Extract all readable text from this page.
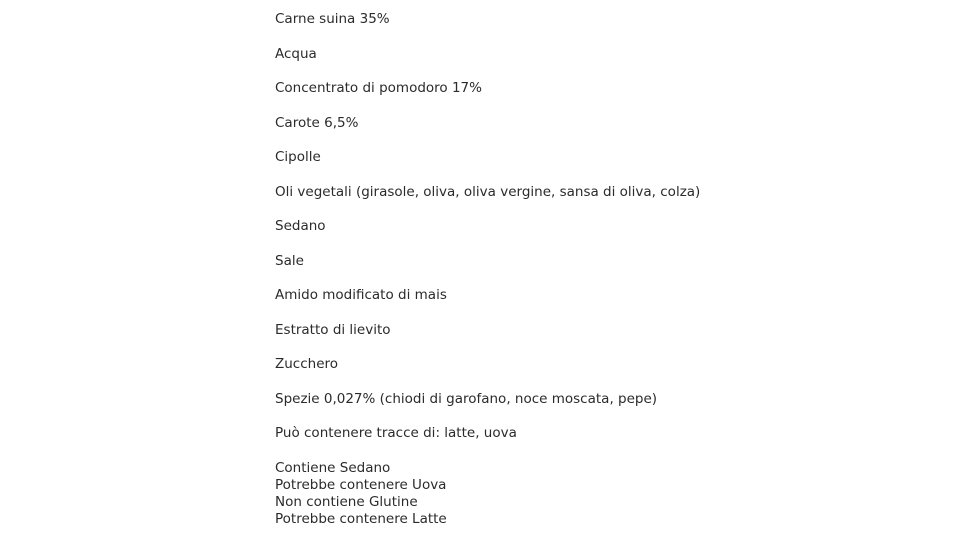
Carne suina 35%
Acqua
Concentrato di pomodoro 17%
Carote 6,5%
Cipolle
Oli vegetali (girasole, oliva, oliva vergine, sansa di oliva, colza)
Sedano
Sale
Amido modificato di mais
Estratto di lievito
Zucchero
Spezie 0,027% (chiodi di garofano, noce moscata, pepe)
Può contenere tracce di: latte, uova
Contiene Sedano
Potrebbe contenere Uova
Non contiene Glutine
Potrebbe contenere Latte
